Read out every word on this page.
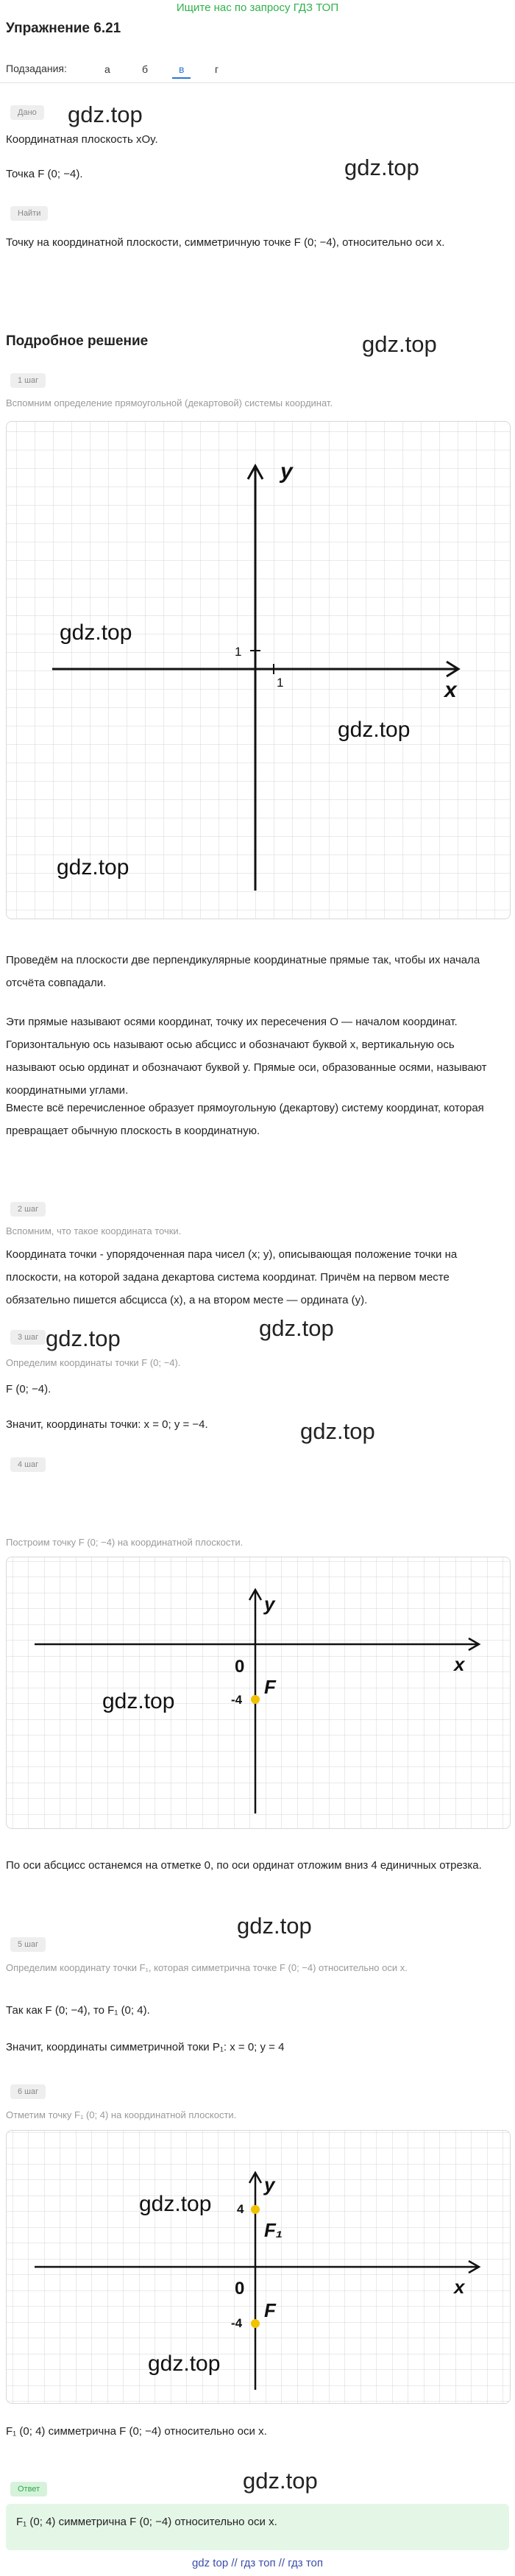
Ищите нас по запросу ГДЗ ТОП
Упражнение 6.21
Подзадания:	а	б	в	г
Дано	gdz.top
Координатная плоскость xOy.
gdz.top
Точка F (0; −4).
Найти
Точку на координатной плоскости, симметричную точке F (0; −4), относительно оси x.
Подробное решение	gdz.top
1 шаг
Вспомним определение прямоугольной (декартовой) системы координат.
y
x
1
1
gdz.top
gdz.top
gdz.top
Проведём на плоскости две перпендикулярные координатные прямые так, чтобы их начала отсчёта совпадали.
Эти прямые называют осями координат, точку их пересечения O — началом координат. Горизонтальную ось называют осью абсцисс и обозначают буквой x, вертикальную ось называют осью ординат и обозначают буквой y. Прямые оси, образованные осями, называют координатными углами.
Вместе всё перечисленное образует прямоугольную (декартову) систему координат, которая превращает обычную плоскость в координатную.
2 шаг
Вспомним, что такое координата точки.
Координата точки - упорядоченная пара чисел (x; y), описывающая положение точки на плоскости, на которой задана декартова система координат. Причём на первом месте обязательно пишется абсцисса (x), а на втором месте — ордината (y).
gdz.top
3 шаг gdz.top
Определим координаты точки F (0; −4).
F (0; −4).
Значит, координаты точки: x = 0; y = −4.	gdz.top
4 шаг
Построим точку F (0; −4) на координатной плоскости.
y
x
0
-4
F
gdz.top
По оси абсцисс останемся на отметке 0, по оси ординат отложим вниз 4 единичных отрезка.
gdz.top
5 шаг
Определим координату точки F₁, которая симметрична точке F (0; −4) относительно оси x.
Так как F (0; −4), то F₁ (0; 4).
Значит, координаты симметричной токи P₁: x = 0; y = 4
6 шаг
Отметим точку F₁ (0; 4) на координатной плоскости.
y
x
4
F₁
0
-4
F
gdz.top
gdz.top
F₁ (0; 4) симметрична F (0; −4) относительно оси x.
gdz.top
Ответ
F₁ (0; 4) симметрична F (0; −4) относительно оси x.
gdz top // гдз топ // гдз топ
